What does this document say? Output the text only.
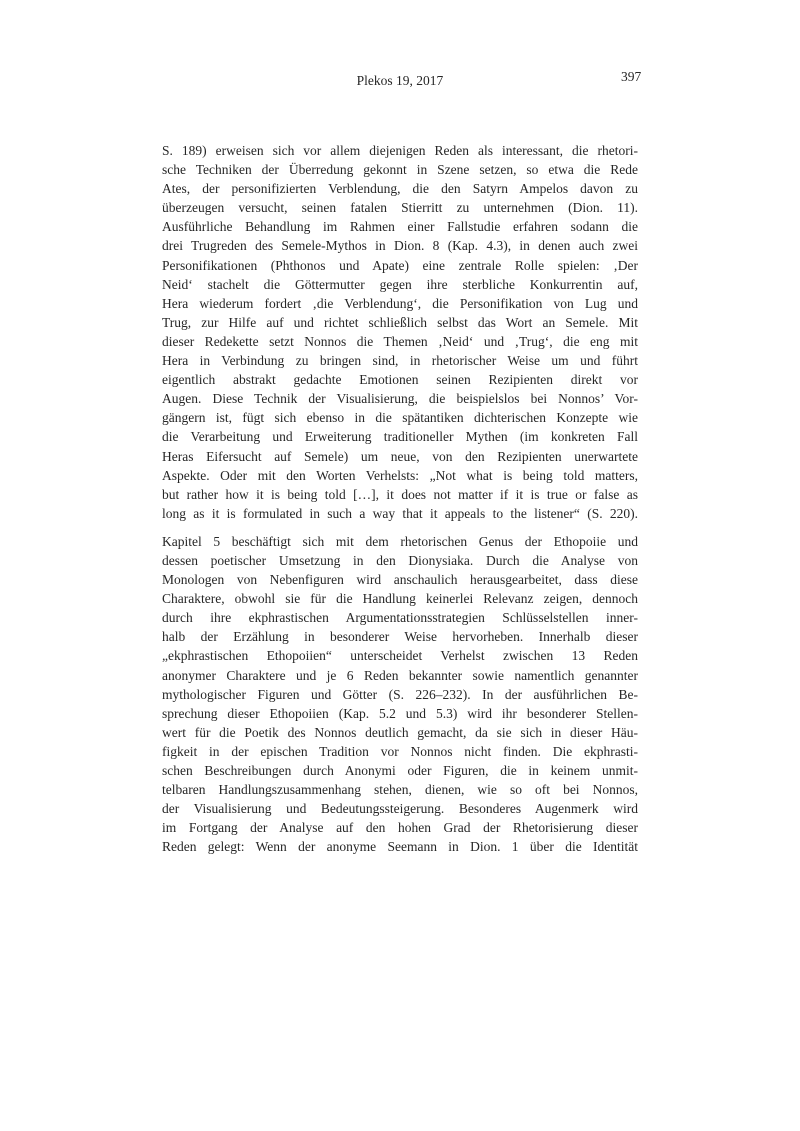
Plekos 19, 2017	397
S. 189) erweisen sich vor allem diejenigen Reden als interessant, die rhetori-
sche Techniken der Überredung gekonnt in Szene setzen, so etwa die Rede
Ates, der personifizierten Verblendung, die den Satyrn Ampelos davon zu
überzeugen versucht, seinen fatalen Stierritt zu unternehmen (Dion. 11).
Ausführliche Behandlung im Rahmen einer Fallstudie erfahren sodann die
drei Trugreden des Semele-Mythos in Dion. 8 (Kap. 4.3), in denen auch zwei
Personifikationen (Phthonos und Apate) eine zentrale Rolle spielen: ‚Der
Neid‘ stachelt die Göttermutter gegen ihre sterbliche Konkurrentin auf,
Hera wiederum fordert ‚die Verblendung‘, die Personifikation von Lug und
Trug, zur Hilfe auf und richtet schließlich selbst das Wort an Semele. Mit
dieser Redekette setzt Nonnos die Themen ‚Neid‘ und ‚Trug‘, die eng mit
Hera in Verbindung zu bringen sind, in rhetorischer Weise um und führt
eigentlich abstrakt gedachte Emotionen seinen Rezipienten direkt vor
Augen. Diese Technik der Visualisierung, die beispielslos bei Nonnos’ Vor-
gängern ist, fügt sich ebenso in die spätantiken dichterischen Konzepte wie
die Verarbeitung und Erweiterung traditioneller Mythen (im konkreten Fall
Heras Eifersucht auf Semele) um neue, von den Rezipienten unerwartete
Aspekte. Oder mit den Worten Verhelsts: „Not what is being told matters,
but rather how it is being told […], it does not matter if it is true or false as
long as it is formulated in such a way that it appeals to the listener“ (S. 220).
Kapitel 5 beschäftigt sich mit dem rhetorischen Genus der Ethopoiie und
dessen poetischer Umsetzung in den Dionysiaka. Durch die Analyse von
Monologen von Nebenfiguren wird anschaulich herausgearbeitet, dass diese
Charaktere, obwohl sie für die Handlung keinerlei Relevanz zeigen, dennoch
durch ihre ekphrastischen Argumentationsstrategien Schlüsselstellen inner-
halb der Erzählung in besonderer Weise hervorheben. Innerhalb dieser
„ekphrastischen Ethopoiien“ unterscheidet Verhelst zwischen 13 Reden
anonymer Charaktere und je 6 Reden bekannter sowie namentlich genannter
mythologischer Figuren und Götter (S. 226–232). In der ausführlichen Be-
sprechung dieser Ethopoiien (Kap. 5.2 und 5.3) wird ihr besonderer Stellen-
wert für die Poetik des Nonnos deutlich gemacht, da sie sich in dieser Häu-
figkeit in der epischen Tradition vor Nonnos nicht finden. Die ekphrasti-
schen Beschreibungen durch Anonymi oder Figuren, die in keinem unmit-
telbaren Handlungszusammenhang stehen, dienen, wie so oft bei Nonnos,
der Visualisierung und Bedeutungssteigerung. Besonderes Augenmerk wird
im Fortgang der Analyse auf den hohen Grad der Rhetorisierung dieser
Reden gelegt: Wenn der anonyme Seemann in Dion. 1 über die Identität
